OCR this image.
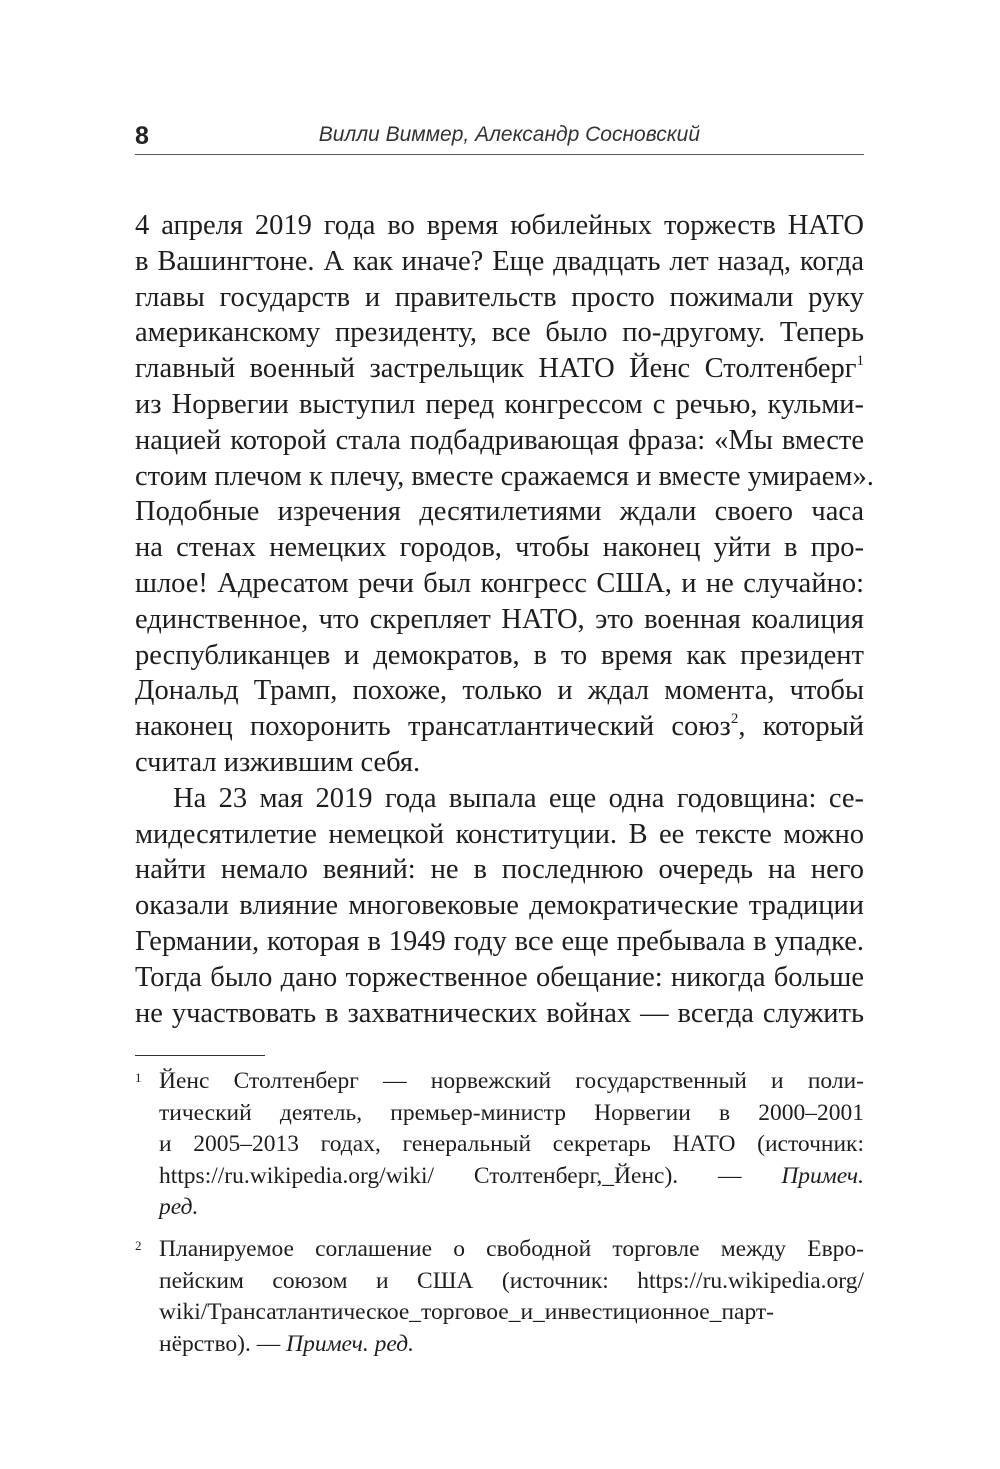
8	Вилли Виммер, Александр Сосновский
4 апреля 2019 года во время юбилейных торжеств НАТО
в Вашингтоне. А как иначе? Еще двадцать лет назад, когда
главы государств и правительств просто пожимали руку
американскому президенту, все было по-другому. Теперь
главный военный застрельщик НАТО Йенс Столтенберг$^1$
из Норвегии выступил перед конгрессом с речью, кульми-
нацией которой стала подбадривающая фраза: «Мы вместе
стоим плечом к плечу, вместе сражаемся и вместе умираем».
Подобные изречения десятилетиями ждали своего часа
на стенах немецких городов, чтобы наконец уйти в про-
шлое! Адресатом речи был конгресс США, и не случайно:
единственное, что скрепляет НАТО, это военная коалиция
республиканцев и демократов, в то время как президент
Дональд Трамп, похоже, только и ждал момента, чтобы
наконец похоронить трансатлантический союз$^2$, который
считал изжившим себя.
На 23 мая 2019 года выпала еще одна годовщина: се-
мидесятилетие немецкой конституции. В ее тексте можно
найти немало веяний: не в последнюю очередь на него
оказали влияние многовековые демократические традиции
Германии, которая в 1949 году все еще пребывала в упадке.
Тогда было дано торжественное обещание: никогда больше
не участвовать в захватнических войнах — всегда служить
1 Йенс Столтенберг — норвежский государственный и поли-
тический деятель, премьер-министр Норвегии в 2000–2001
и 2005–2013 годах, генеральный секретарь НАТО (источник:
https://ru.wikipedia.org/wiki/ Столтенберг,_Йенс). — Примеч.
ред.
2 Планируемое соглашение о свободной торговле между Евро-
пейским союзом и США (источник: https://ru.wikipedia.org/
wiki/Трансатлантическое_торговое_и_инвестиционное_парт-
нёрство). — Примеч. ред.
